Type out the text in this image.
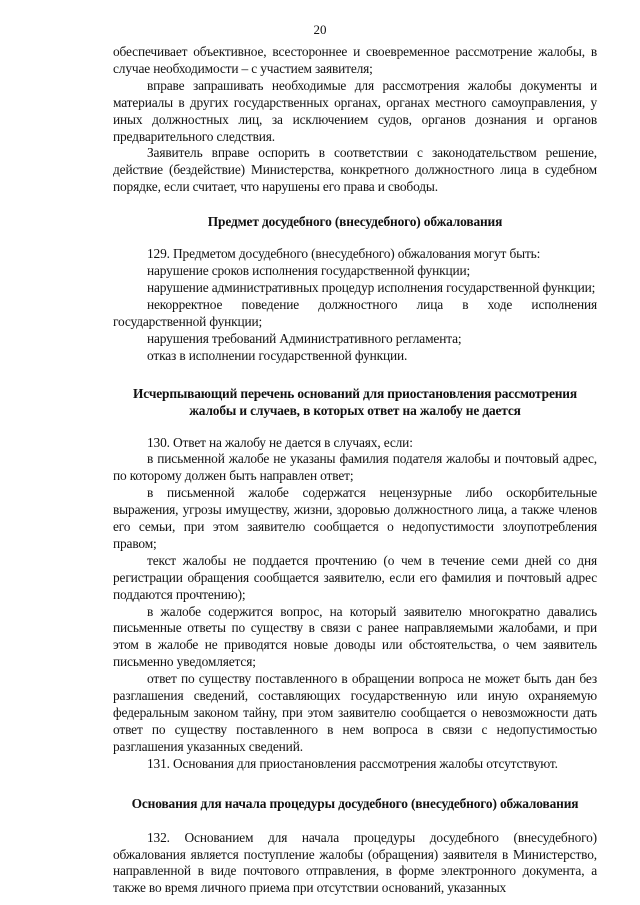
20

обеспечивает объективное, всестороннее и своевременное рассмотрение жалобы, в случае необходимости – с участием заявителя;

вправе запрашивать необходимые для рассмотрения жалобы документы и материалы в других государственных органах, органах местного самоуправления, у иных должностных лиц, за исключением судов, органов дознания и органов предварительного следствия.

Заявитель вправе оспорить в соответствии с законодательством решение, действие (бездействие) Министерства, конкретного должностного лица в судебном порядке, если считает, что нарушены его права и свободы.

Предмет досудебного (внесудебного) обжалования

129. Предметом досудебного (внесудебного) обжалования могут быть:

нарушение сроков исполнения государственной функции;

нарушение административных процедур исполнения государственной функции;

некорректное поведение должностного лица в ходе исполнения государственной функции;

нарушения требований Административного регламента;

отказ в исполнении государственной функции.

Исчерпывающий перечень оснований для приостановления рассмотрения
жалобы и случаев, в которых ответ на жалобу не дается

130. Ответ на жалобу не дается в случаях, если:

в письменной жалобе не указаны фамилия подателя жалобы и почтовый адрес, по которому должен быть направлен ответ;

в письменной жалобе содержатся нецензурные либо оскорбительные выражения, угрозы имуществу, жизни, здоровью должностного лица, а также членов его семьи, при этом заявителю сообщается о недопустимости злоупотребления правом;

текст жалобы не поддается прочтению (о чем в течение семи дней со дня регистрации обращения сообщается заявителю, если его фамилия и почтовый адрес поддаются прочтению);

в жалобе содержится вопрос, на который заявителю многократно давались письменные ответы по существу в связи с ранее направляемыми жалобами, и при этом в жалобе не приводятся новые доводы или обстоятельства, о чем заявитель письменно уведомляется;

ответ по существу поставленного в обращении вопроса не может быть дан без разглашения сведений, составляющих государственную или иную охраняемую федеральным законом тайну, при этом заявителю сообщается о невозможности дать ответ по существу поставленного в нем вопроса в связи с недопустимостью разглашения указанных сведений.

131. Основания для приостановления рассмотрения жалобы отсутствуют.

Основания для начала процедуры досудебного (внесудебного) обжалования

132. Основанием для начала процедуры досудебного (внесудебного) обжалования является поступление жалобы (обращения) заявителя в Министерство, направленной в виде почтового отправления, в форме электронного документа, а также во время личного приема при отсутствии оснований, указанных
